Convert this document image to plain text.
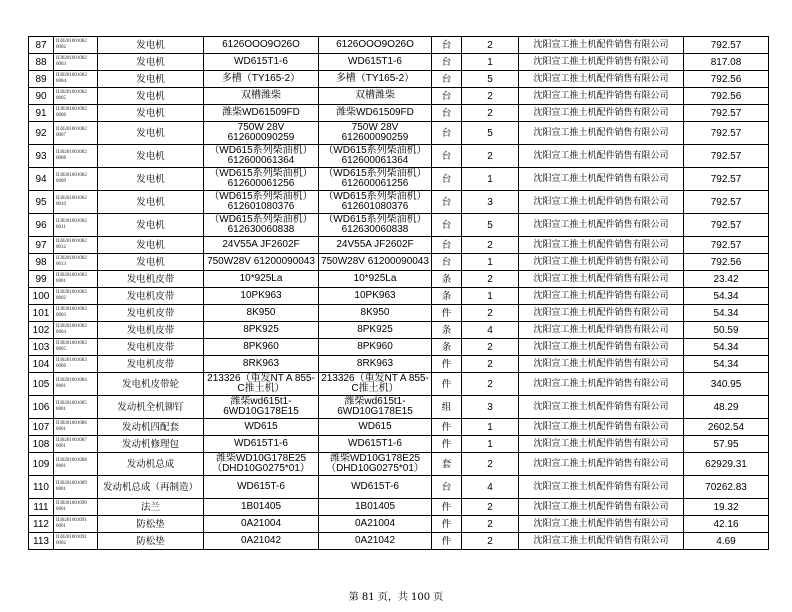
87	II30201001082 0002	发电机	6126OOO9O26O	6126OOO9O26O	台	2	沈阳宣工推土机配件销售有限公司	792.57
88	II30201001082 0003	发电机	WD615T1-6	WD615T1-6	台	1	沈阳宣工推土机配件销售有限公司	817.08
89	II30201001082 0004	发电机	多槽（TY165-2）	多槽（TY165-2）	台	5	沈阳宣工推土机配件销售有限公司	792.56
90	II30201001082 0005	发电机	双槽潍柴	双槽潍柴	台	2	沈阳宣工推土机配件销售有限公司	792.56
91	II30201001082 0006	发电机	潍柴WD61509FD	潍柴WD61509FD	台	2	沈阳宣工推土机配件销售有限公司	792.57
92	II30201001082 0007	发电机	750W 28V 612600090259	750W 28V 612600090259	台	5	沈阳宣工推土机配件销售有限公司	792.57
93	II30201001082 0008	发电机	（WD615系列柴油机）612600061364	（WD615系列柴油机）612600061364	台	2	沈阳宣工推土机配件销售有限公司	792.57
94	II30201001082 0009	发电机	（WD615系列柴油机）612600061256	（WD615系列柴油机）612600061256	台	1	沈阳宣工推土机配件销售有限公司	792.57
95	II30201001082 0010	发电机	（WD615系列柴油机）612601080376	（WD615系列柴油机）612601080376	台	3	沈阳宣工推土机配件销售有限公司	792.57
96	II30201001082 0011	发电机	（WD615系列柴油机）612630060838	（WD615系列柴油机）612630060838	台	5	沈阳宣工推土机配件销售有限公司	792.57
97	II30201001082 0012	发电机	24V55A JF2602F	24V55A JF2602F	台	2	沈阳宣工推土机配件销售有限公司	792.57
98	II30201001082 0013	发电机	750W28V 61200090043	750W28V 61200090043	台	1	沈阳宣工推土机配件销售有限公司	792.56
99	II30201001083 0001	发电机皮带	10*925La	10*925La	条	2	沈阳宣工推土机配件销售有限公司	23.42
100	II30201001083 0002	发电机皮带	10PK963	10PK963	条	1	沈阳宣工推土机配件销售有限公司	54.34
101	II30201001083 0003	发电机皮带	8K950	8K950	件	2	沈阳宣工推土机配件销售有限公司	54.34
102	II30201001083 0004	发电机皮带	8PK925	8PK925	条	4	沈阳宣工推土机配件销售有限公司	50.59
103	II30201001083 0005	发电机皮带	8PK960	8PK960	条	2	沈阳宣工推土机配件销售有限公司	54.34
104	II30201001083 0006	发电机皮带	8RK963	8RK963	件	2	沈阳宣工推土机配件销售有限公司	54.34
105	II30201001084 0001	发电机皮带轮	213326（重发NT A 855-C推土机）	213326（重发NT A 855-C推土机）	件	2	沈阳宣工推土机配件销售有限公司	340.95
106	II30201001085 0001	发动机全机铆钉	潍柴wd615t1-6WD10G178E15	潍柴wd615t1-6WD10G178E15	组	3	沈阳宣工推土机配件销售有限公司	48.29
107	II30201001086 0001	发动机四配套	WD615	WD615	件	1	沈阳宣工推土机配件销售有限公司	2602.54
108	II30201001087 0001	发动机修理包	WD615T1-6	WD615T1-6	件	1	沈阳宣工推土机配件销售有限公司	57.95
109	II30201001088 0001	发动机总成	潍柴WD10G178E25（DHD10G0275*01）	潍柴WD10G178E25（DHD10G0275*01）	套	2	沈阳宣工推土机配件销售有限公司	62929.31
110	II30201001089 0001	发动机总成（再制造）	WD615T-6	WD615T-6	台	4	沈阳宣工推土机配件销售有限公司	70262.83
111	II30201001090 0001	法兰	1B01405	1B01405	件	2	沈阳宣工推土机配件销售有限公司	19.32
112	II30201001091 0001	防松垫	0A21004	0A21004	件	2	沈阳宣工推土机配件销售有限公司	42.16
113	II30201001091 0002	防松垫	0A21042	0A21042	件	2	沈阳宣工推土机配件销售有限公司	4.69
第 81 页，共 100 页
